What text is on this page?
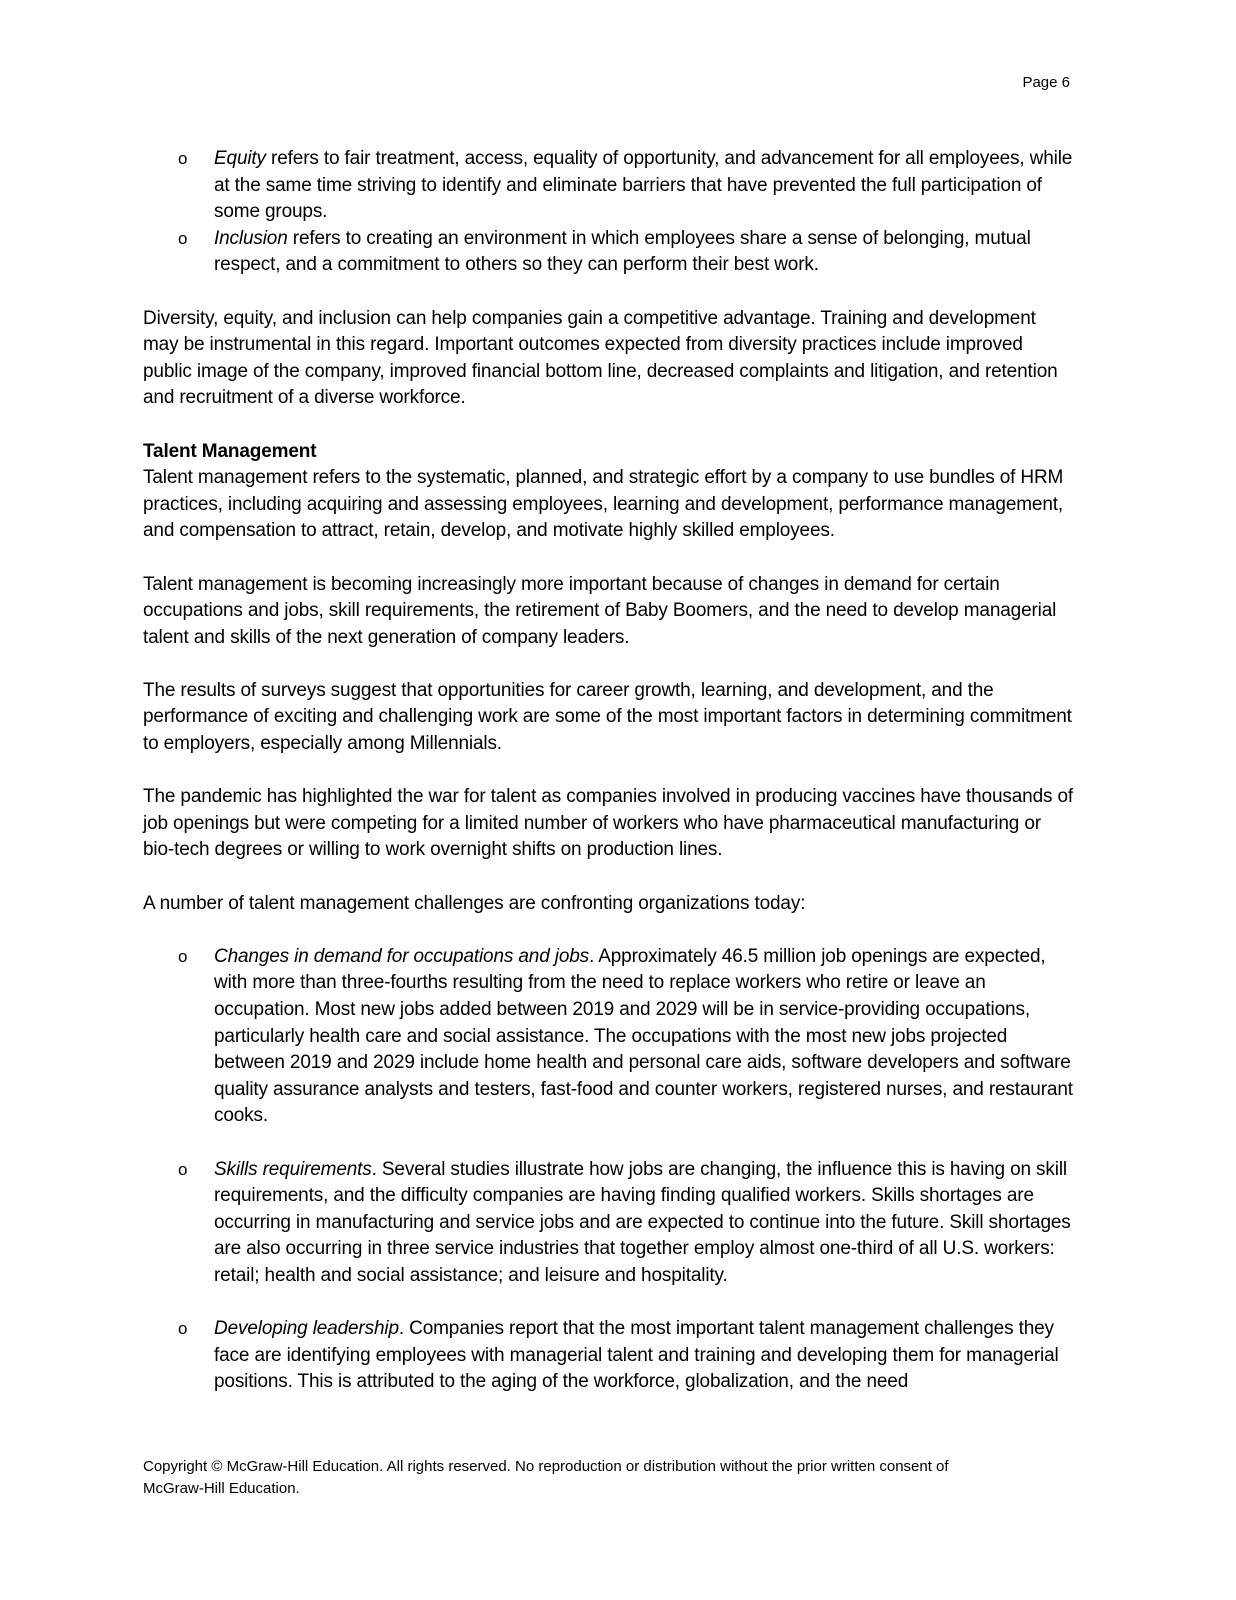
Page 6
o Equity refers to fair treatment, access, equality of opportunity, and advancement for all employees, while at the same time striving to identify and eliminate barriers that have prevented the full participation of some groups.
o Inclusion refers to creating an environment in which employees share a sense of belonging, mutual respect, and a commitment to others so they can perform their best work.

Diversity, equity, and inclusion can help companies gain a competitive advantage. Training and development may be instrumental in this regard. Important outcomes expected from diversity practices include improved public image of the company, improved financial bottom line, decreased complaints and litigation, and retention and recruitment of a diverse workforce.

Talent Management

Talent management refers to the systematic, planned, and strategic effort by a company to use bundles of HRM practices, including acquiring and assessing employees, learning and development, performance management, and compensation to attract, retain, develop, and motivate highly skilled employees.

Talent management is becoming increasingly more important because of changes in demand for certain occupations and jobs, skill requirements, the retirement of Baby Boomers, and the need to develop managerial talent and skills of the next generation of company leaders.

The results of surveys suggest that opportunities for career growth, learning, and development, and the performance of exciting and challenging work are some of the most important factors in determining commitment to employers, especially among Millennials.

The pandemic has highlighted the war for talent as companies involved in producing vaccines have thousands of job openings but were competing for a limited number of workers who have pharmaceutical manufacturing or bio-tech degrees or willing to work overnight shifts on production lines.

A number of talent management challenges are confronting organizations today:

o Changes in demand for occupations and jobs. Approximately 46.5 million job openings are expected, with more than three-fourths resulting from the need to replace workers who retire or leave an occupation. Most new jobs added between 2019 and 2029 will be in service-providing occupations, particularly health care and social assistance. The occupations with the most new jobs projected between 2019 and 2029 include home health and personal care aids, software developers and software quality assurance analysts and testers, fast-food and counter workers, registered nurses, and restaurant cooks.
o Skills requirements. Several studies illustrate how jobs are changing, the influence this is having on skill requirements, and the difficulty companies are having finding qualified workers. Skills shortages are occurring in manufacturing and service jobs and are expected to continue into the future. Skill shortages are also occurring in three service industries that together employ almost one-third of all U.S. workers: retail; health and social assistance; and leisure and hospitality.
o Developing leadership. Companies report that the most important talent management challenges they face are identifying employees with managerial talent and training and developing them for managerial positions. This is attributed to the aging of the workforce, globalization, and the need
Copyright © McGraw-Hill Education. All rights reserved. No reproduction or distribution without the prior written consent of
McGraw-Hill Education.
